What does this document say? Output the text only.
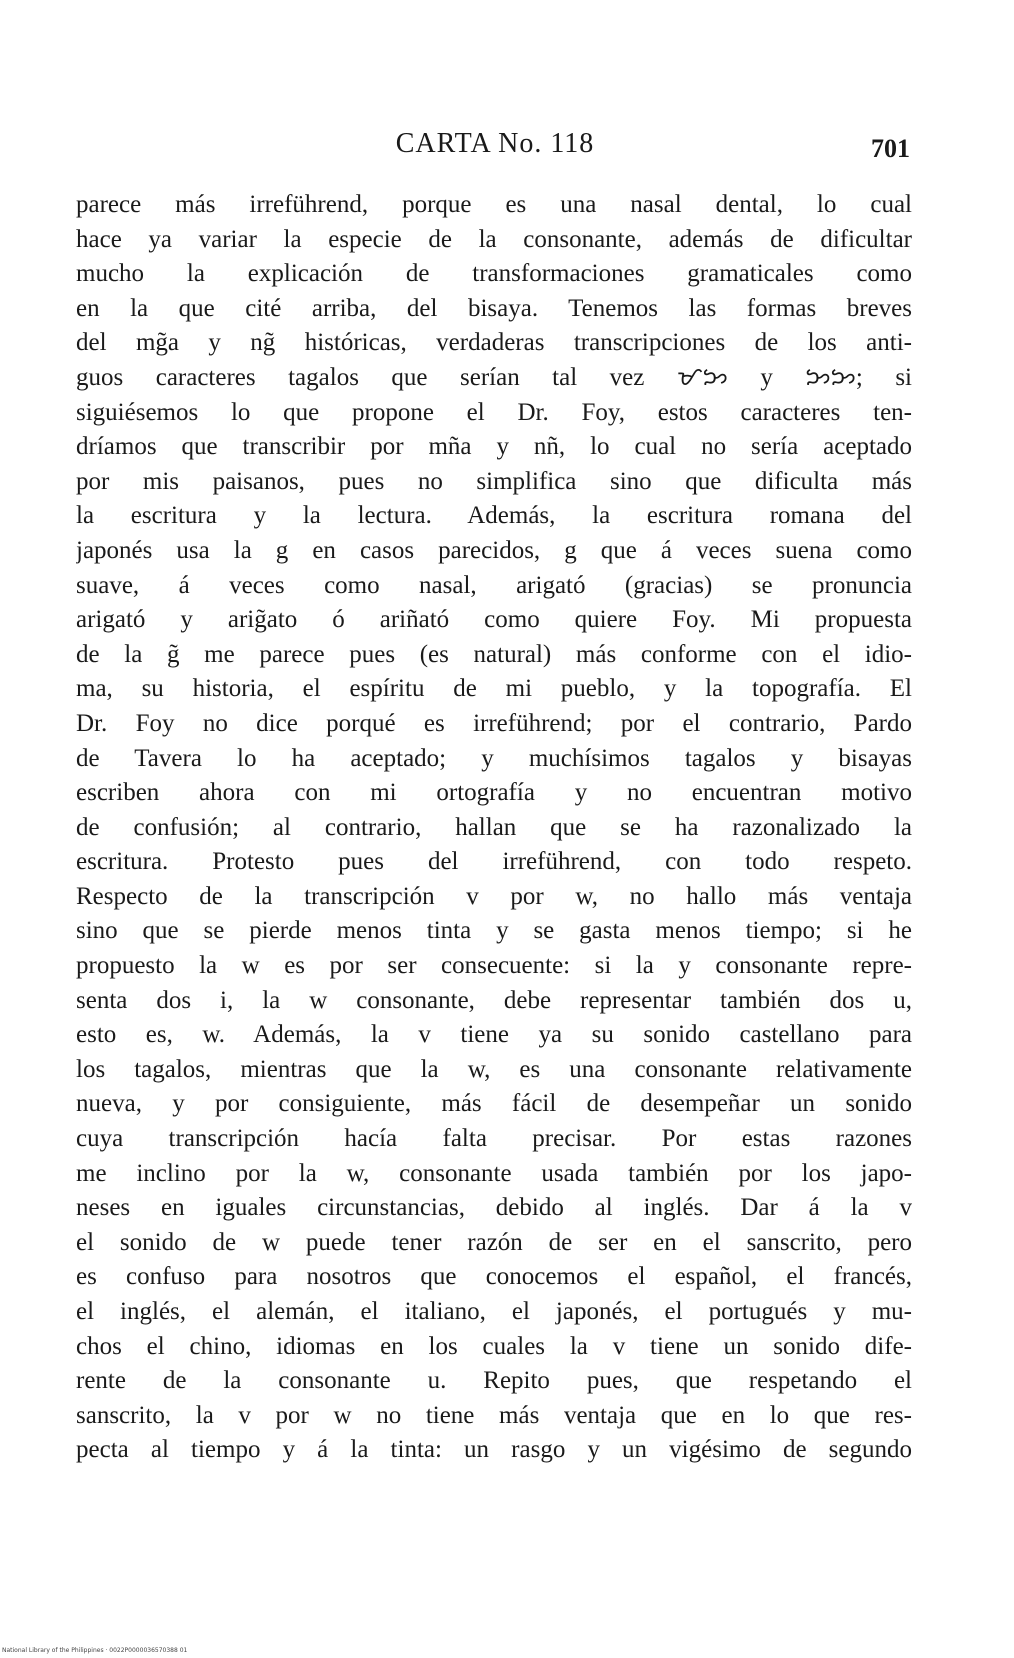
CARTA No. 118	701
parece más irreführend, porque es una nasal dental, lo cual
hace ya variar la especie de la consonante, además de dificultar
mucho la explicación de transformaciones gramaticales como
en la que cité arriba, del bisaya. Tenemos las formas breves
del mg̃a y ng̃ históricas, verdaderas transcripciones de los anti-
guos caracteres tagalos que serían tal vez ᜋᜅ y ᜅᜅ; si
siguiésemos lo que propone el Dr. Foy, estos caracteres ten-
dríamos que transcribir por mña y nñ, lo cual no sería aceptado
por mis paisanos, pues no simplifica sino que dificulta más
la escritura y la lectura. Además, la escritura romana del
japonés usa la g en casos parecidos, g que á veces suena como
suave, á veces como nasal, arigató (gracias) se pronuncia
arigató y arig̃ato ó ariñató como quiere Foy. Mi propuesta
de la g̃ me parece pues (es natural) más conforme con el idio-
ma, su historia, el espíritu de mi pueblo, y la topografía. El
Dr. Foy no dice porqué es irreführend; por el contrario, Pardo
de Tavera lo ha aceptado; y muchísimos tagalos y bisayas
escriben ahora con mi ortografía y no encuentran motivo
de confusión; al contrario, hallan que se ha razonalizado la
escritura. Protesto pues del irreführend, con todo respeto.
Respecto de la transcripción v por w, no hallo más ventaja
sino que se pierde menos tinta y se gasta menos tiempo; si he
propuesto la w es por ser consecuente: si la y consonante repre-
senta dos i, la w consonante, debe representar también dos u,
esto es, w. Además, la v tiene ya su sonido castellano para
los tagalos, mientras que la w, es una consonante relativamente
nueva, y por consiguiente, más fácil de desempeñar un sonido
cuya transcripción hacía falta precisar. Por estas razones
me inclino por la w, consonante usada también por los japo-
neses en iguales circunstancias, debido al inglés. Dar á la v
el sonido de w puede tener razón de ser en el sanscrito, pero
es confuso para nosotros que conocemos el español, el francés,
el inglés, el alemán, el italiano, el japonés, el portugués y mu-
chos el chino, idiomas en los cuales la v tiene un sonido dife-
rente de la consonante u. Repito pues, que respetando el
sanscrito, la v por w no tiene más ventaja que en lo que res-
pecta al tiempo y á la tinta: un rasgo y un vigésimo de segundo
National Library of the Philippines · 0022P0000036570388 01
